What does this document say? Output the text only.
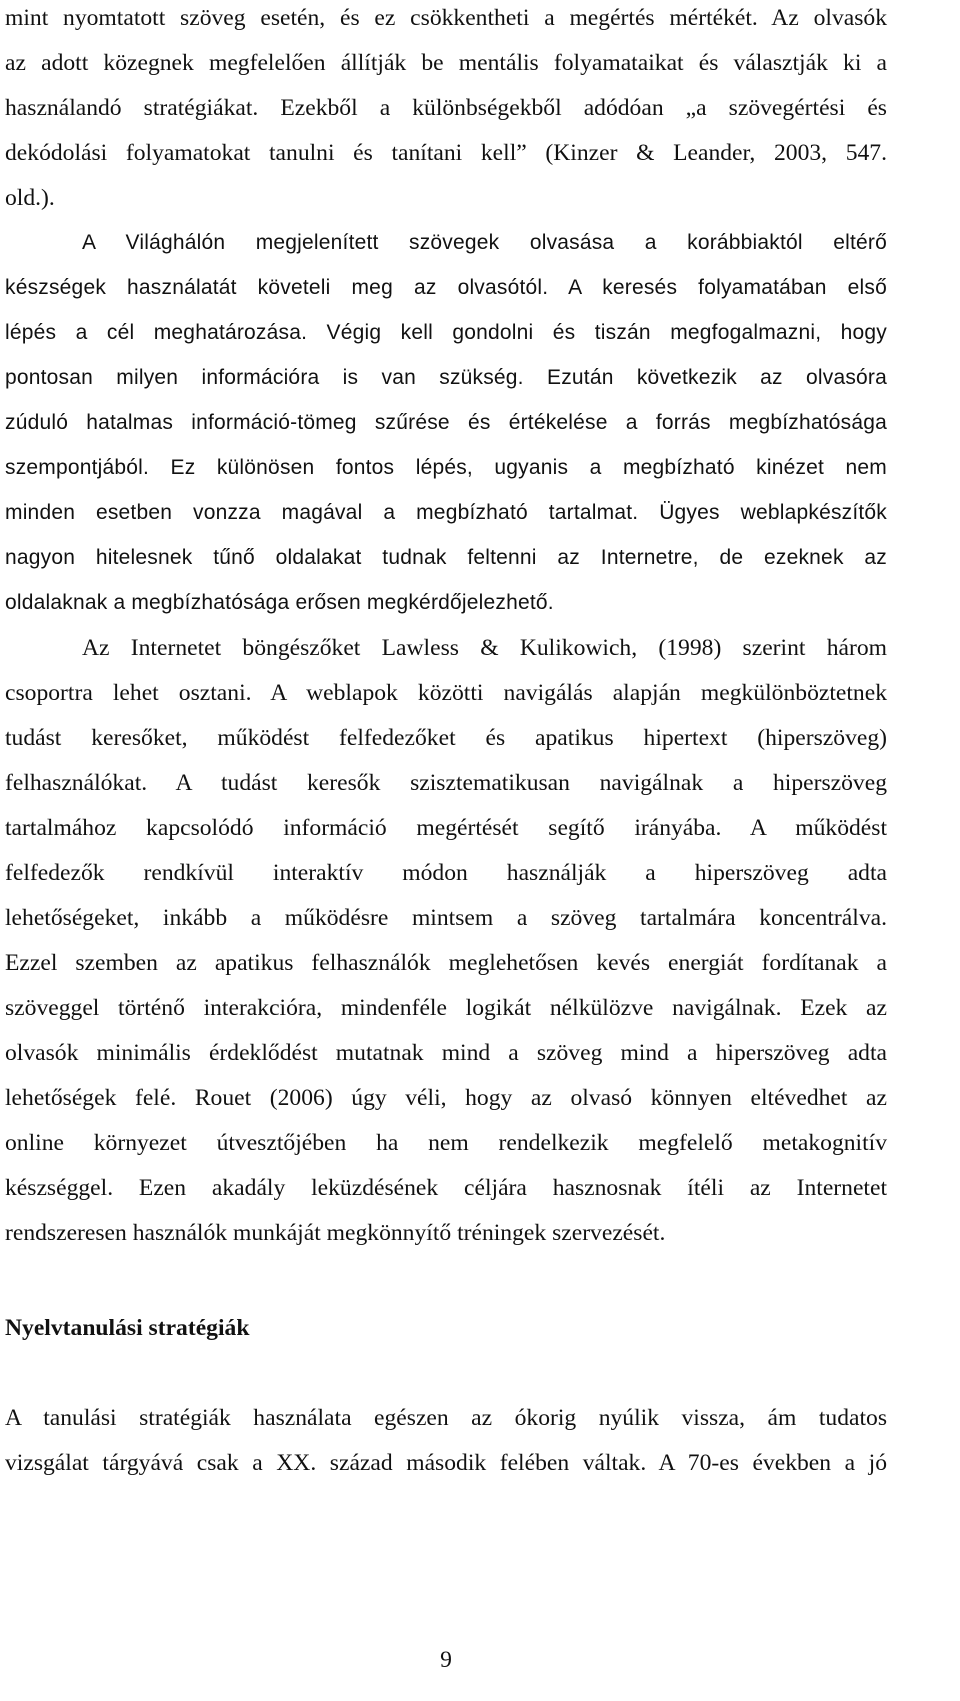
mint nyomtatott szöveg esetén, és ez csökkentheti a megértés mértékét. Az olvasók
az adott közegnek megfelelően állítják be mentális folyamataikat és választják ki a
használandó stratégiákat. Ezekből a különbségekből adódóan „a szövegértési és
dekódolási folyamatokat tanulni és tanítani kell” (Kinzer & Leander, 2003, 547.
old.).
A Világhálón megjelenített szövegek olvasása a korábbiaktól eltérő
készségek használatát követeli meg az olvasótól. A keresés folyamatában első
lépés a cél meghatározása. Végig kell gondolni és tiszán megfogalmazni, hogy
pontosan milyen információra is van szükség. Ezután következik az olvasóra
zúduló hatalmas információ-tömeg szűrése és értékelése a forrás megbízhatósága
szempontjából. Ez különösen fontos lépés, ugyanis a megbízható kinézet nem
minden esetben vonzza magával a megbízható tartalmat. Ügyes weblapkészítők
nagyon hitelesnek tűnő oldalakat tudnak feltenni az Internetre, de ezeknek az
oldalaknak a megbízhatósága erősen megkérdőjelezhető.
Az Internetet böngészőket Lawless & Kulikowich, (1998) szerint három
csoportra lehet osztani. A weblapok közötti navigálás alapján megkülönböztetnek
tudást keresőket, működést felfedezőket és apatikus hipertext (hiperszöveg)
felhasználókat. A tudást keresők szisztematikusan navigálnak a hiperszöveg
tartalmához kapcsolódó információ megértését segítő irányába. A működést
felfedezők rendkívül interaktív módon használják a hiperszöveg adta
lehetőségeket, inkább a működésre mintsem a szöveg tartalmára koncentrálva.
Ezzel szemben az apatikus felhasználók meglehetősen kevés energiát fordítanak a
szöveggel történő interakcióra, mindenféle logikát nélkülözve navigálnak. Ezek az
olvasók minimális érdeklődést mutatnak mind a szöveg mind a hiperszöveg adta
lehetőségek felé. Rouet (2006) úgy véli, hogy az olvasó könnyen eltévedhet az
online környezet útvesztőjében ha nem rendelkezik megfelelő metakognitív
készséggel. Ezen akadály leküzdésének céljára hasznosnak ítéli az Internetet
rendszeresen használók munkáját megkönnyítő tréningek szervezését.
Nyelvtanulási stratégiák
A tanulási stratégiák használata egészen az ókorig nyúlik vissza, ám tudatos
vizsgálat tárgyává csak a XX. század második felében váltak. A 70-es években a jó
9
